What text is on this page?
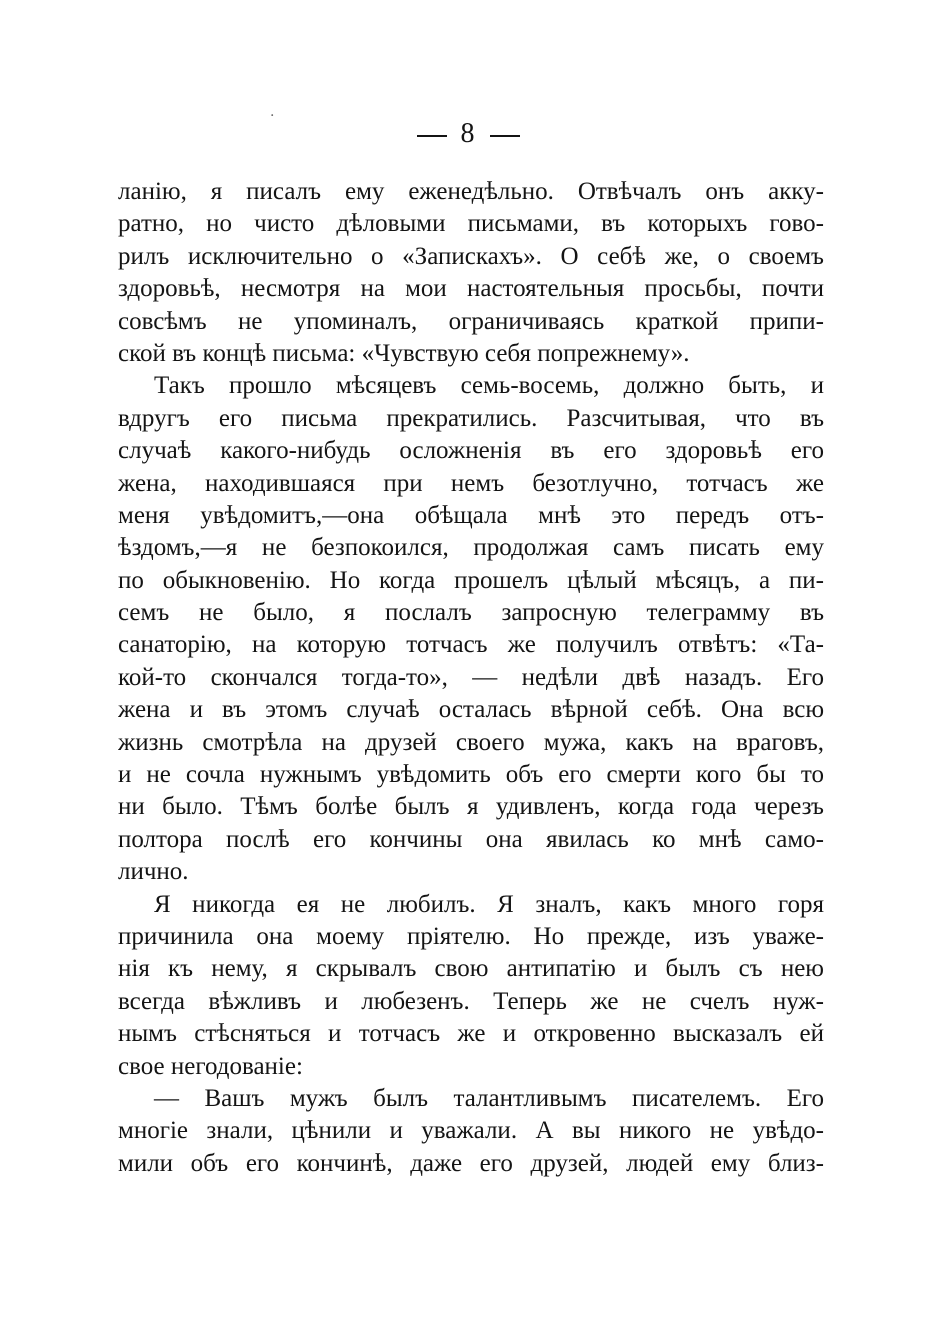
·
8
ланію, я писалъ ему еженедѣльно. Отвѣчалъ онъ акку-
ратно, но чисто дѣловыми письмами, въ которыхъ гово-
рилъ исключительно о «Запискахъ». О себѣ же, о своемъ
здоровьѣ, несмотря на мои настоятельныя просьбы, почти
совсѣмъ не упоминалъ, ограничиваясь краткой припи-
ской въ концѣ письма: «Чувствую себя попрежнему».
Такъ прошло мѣсяцевъ семь-восемь, должно быть, и
вдругъ его письма прекратились. Разсчитывая, что въ
случаѣ какого-нибудь осложненія въ его здоровьѣ его
жена, находившаяся при немъ безотлучно, тотчасъ же
меня увѣдомитъ,—она обѣщала мнѣ это передъ отъ-
ѣздомъ,—я не безпокоился, продолжая самъ писать ему
по обыкновенію. Но когда прошелъ цѣлый мѣсяцъ, а пи-
семъ не было, я послалъ запросную телеграмму въ
санаторію, на которую тотчасъ же получилъ отвѣтъ: «Та-
кой-то скончался тогда-то», — недѣли двѣ назадъ. Его
жена и въ этомъ случаѣ осталась вѣрной себѣ. Она всю
жизнь смотрѣла на друзей своего мужа, какъ на враговъ,
и не сочла нужнымъ увѣдомить объ его смерти кого бы то
ни было. Тѣмъ болѣе былъ я удивленъ, когда года черезъ
полтора послѣ его кончины она явилась ко мнѣ само-
лично.
Я никогда ея не любилъ. Я зналъ, какъ много горя
причинила она моему пріятелю. Но прежде, изъ уваже-
нія къ нему, я скрывалъ свою антипатію и былъ съ нею
всегда вѣжливъ и любезенъ. Теперь же не счелъ нуж-
нымъ стѣсняться и тотчасъ же и откровенно высказалъ ей
свое негодованіе:
— Вашъ мужъ былъ талантливымъ писателемъ. Его
многіе знали, цѣнили и уважали. А вы никого не увѣдо-
мили объ его кончинѣ, даже его друзей, людей ему близ-
